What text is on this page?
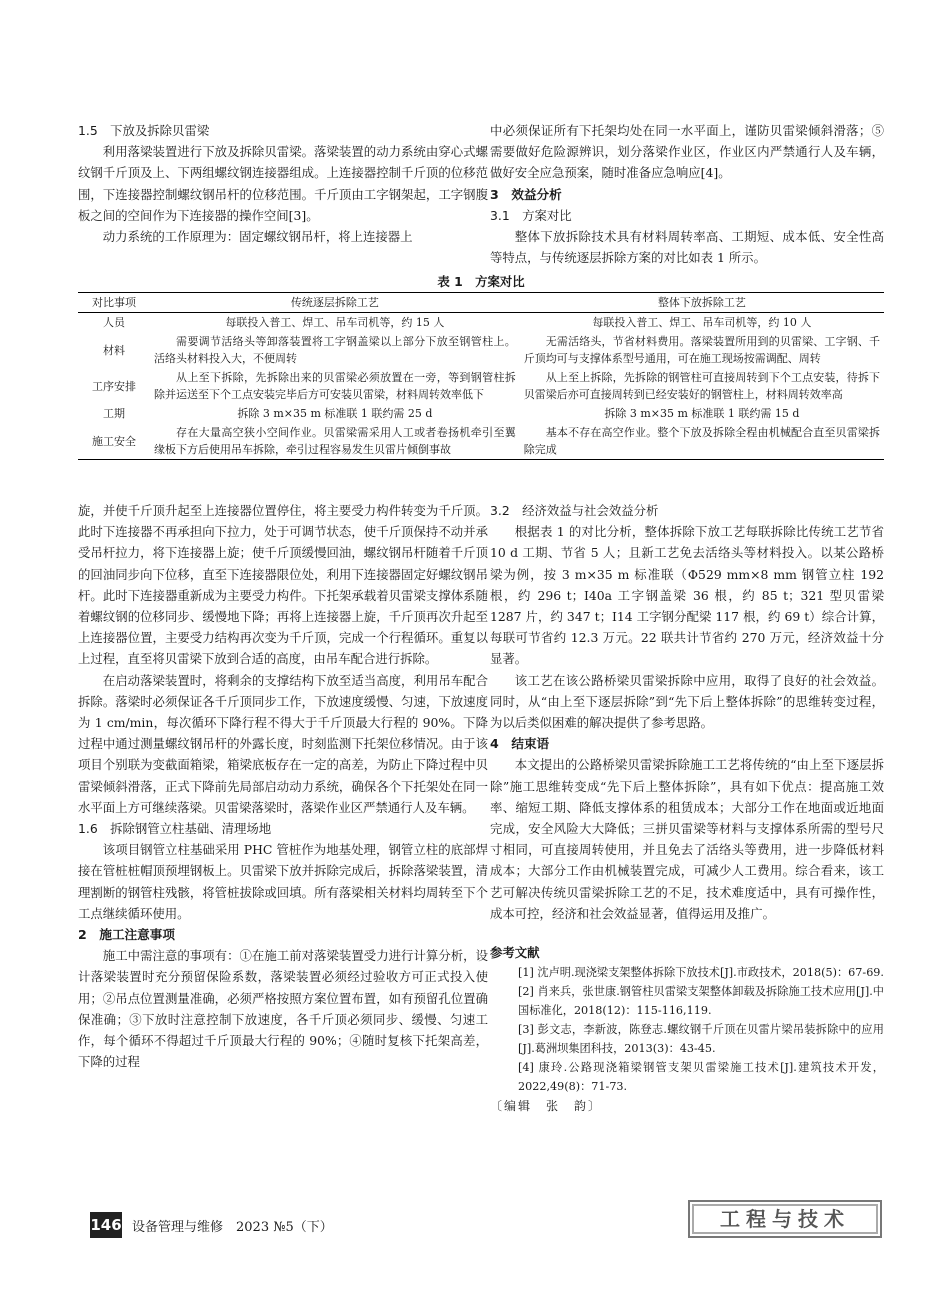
1.5　下放及拆除贝雷梁

利用落梁装置进行下放及拆除贝雷梁。落梁装置的动力系统由穿心式螺纹钢千斤顶及上、下两组螺纹钢连接器组成。上连接器控制千斤顶的位移范围，下连接器控制螺纹钢吊杆的位移范围。千斤顶由工字钢架起，工字钢腹板之间的空间作为下连接器的操作空间[3]。

动力系统的工作原理为：固定螺纹钢吊杆，将上连接器上

中必须保证所有下托架均处在同一水平面上，谨防贝雷梁倾斜滑落；⑤需要做好危险源辨识，划分落梁作业区，作业区内严禁通行人及车辆，做好安全应急预案，随时准备应急响应[4]。

3　效益分析
3.1　方案对比

整体下放拆除技术具有材料周转率高、工期短、成本低、安全性高等特点，与传统逐层拆除方案的对比如表 1 所示。

表 1　方案对比
对比事项	传统逐层拆除工艺	整体下放拆除工艺
人员	每联投入普工、焊工、吊车司机等，约 15 人	每联投入普工、焊工、吊车司机等，约 10 人
材料	需要调节活络头等卸落装置将工字钢盖梁以上部分下放至钢管柱上。活络头材料投入大，不便周转	无需活络头，节省材料费用。落梁装置所用到的贝雷梁、工字钢、千斤顶均可与支撑体系型号通用，可在施工现场按需调配、周转
工序安排	从上至下拆除，先拆除出来的贝雷梁必须放置在一旁，等到钢管柱拆除并运送至下个工点安装完毕后方可安装贝雷梁，材料周转效率低下	从上至上拆除，先拆除的钢管柱可直接周转到下个工点安装，待拆下贝雷梁后亦可直接周转到已经安装好的钢管柱上，材料周转效率高
工期	拆除 3 m×35 m 标准联 1 联约需 25 d	拆除 3 m×35 m 标准联 1 联约需 15 d
施工安全	存在大量高空狭小空间作业。贝雷梁需采用人工或者卷扬机牵引至翼缘板下方后使用吊车拆除，牵引过程容易发生贝雷片倾倒事故	基本不存在高空作业。整个下放及拆除全程由机械配合直至贝雷梁拆除完成

旋，并使千斤顶升起至上连接器位置停住，将主要受力构件转变为千斤顶。此时下连接器不再承担向下拉力，处于可调节状态，使千斤顶保持不动并承受吊杆拉力，将下连接器上旋；使千斤顶缓慢回油，螺纹钢吊杆随着千斤顶的回油同步向下位移，直至下连接器限位处，利用下连接器固定好螺纹钢吊杆。此时下连接器重新成为主要受力构件。下托架承载着贝雷梁支撑体系随着螺纹钢的位移同步、缓慢地下降；再将上连接器上旋，千斤顶再次升起至上连接器位置，主要受力结构再次变为千斤顶，完成一个行程循环。重复以上过程，直至将贝雷梁下放到合适的高度，由吊车配合进行拆除。

在启动落梁装置时，将剩余的支撑结构下放至适当高度，利用吊车配合拆除。落梁时必须保证各千斤顶同步工作，下放速度缓慢、匀速，下放速度为 1 cm/min，每次循环下降行程不得大于千斤顶最大行程的 90%。下降过程中通过测量螺纹钢吊杆的外露长度，时刻监测下托架位移情况。由于该项目个别联为变截面箱梁，箱梁底板存在一定的高差，为防止下降过程中贝雷梁倾斜滑落，正式下降前先局部启动动力系统，确保各个下托架处在同一水平面上方可继续落梁。贝雷梁落梁时，落梁作业区严禁通行人及车辆。

1.6　拆除钢管立柱基础、清理场地

该项目钢管立柱基础采用 PHC 管桩作为地基处理，钢管立柱的底部焊接在管桩桩帽顶预埋钢板上。贝雷梁下放并拆除完成后，拆除落梁装置，清理割断的钢管柱残骸，将管桩拔除或回填。所有落梁相关材料均周转至下个工点继续循环使用。

2　施工注意事项

施工中需注意的事项有：①在施工前对落梁装置受力进行计算分析，设计落梁装置时充分预留保险系数，落梁装置必须经过验收方可正式投入使用；②吊点位置测量准确，必须严格按照方案位置布置，如有预留孔位置确保准确；③下放时注意控制下放速度，各千斤顶必须同步、缓慢、匀速工作，每个循环不得超过千斤顶最大行程的 90%；④随时复核下托架高差，下降的过程

3.2　经济效益与社会效益分析

根据表 1 的对比分析，整体拆除下放工艺每联拆除比传统工艺节省 10 d 工期、节省 5 人；且新工艺免去活络头等材料投入。以某公路桥梁为例，按 3 m×35 m 标准联（Φ529 mm×8 mm 钢管立柱 192 根，约 296 t；I40a 工字钢盖梁 36 根，约 85 t；321 型贝雷梁 1287 片，约 347 t；I14 工字钢分配梁 117 根，约 69 t）综合计算，每联可节省约 12.3 万元。22 联共计节省约 270 万元，经济效益十分显著。

该工艺在该公路桥梁贝雷梁拆除中应用，取得了良好的社会效益。同时，从“由上至下逐层拆除”到“先下后上整体拆除”的思维转变过程，为以后类似困难的解决提供了参考思路。

4　结束语

本文提出的公路桥梁贝雷梁拆除施工工艺将传统的“由上至下逐层拆除”施工思维转变成“先下后上整体拆除”，具有如下优点：提高施工效率、缩短工期、降低支撑体系的租赁成本；大部分工作在地面或近地面完成，安全风险大大降低；三拼贝雷梁等材料与支撑体系所需的型号尺寸相同，可直接周转使用，并且免去了活络头等费用，进一步降低材料成本；大部分工作由机械装置完成，可减少人工费用。综合看来，该工艺可解决传统贝雷梁拆除工艺的不足，技术难度适中，具有可操作性，成本可控，经济和社会效益显著，值得运用及推广。

参考文献

[1] 沈卢明.现浇梁支架整体拆除下放技术[J].市政技术，2018(5)：67-69.

[2] 肖来兵，张世康.钢管柱贝雷梁支架整体卸载及拆除施工技术应用[J].中国标准化，2018(12)：115-116,119.

[3] 彭文志，李新波，陈登志.螺纹钢千斤顶在贝雷片梁吊装拆除中的应用[J].葛洲坝集团科技，2013(3)：43-45.

[4] 康玲.公路现浇箱梁钢管支架贝雷梁施工技术[J].建筑技术开发，2022,49(8)：71-73.

〔编辑　张　韵〕

146 设备管理与维修　2023 №5（下）	工程与技术
